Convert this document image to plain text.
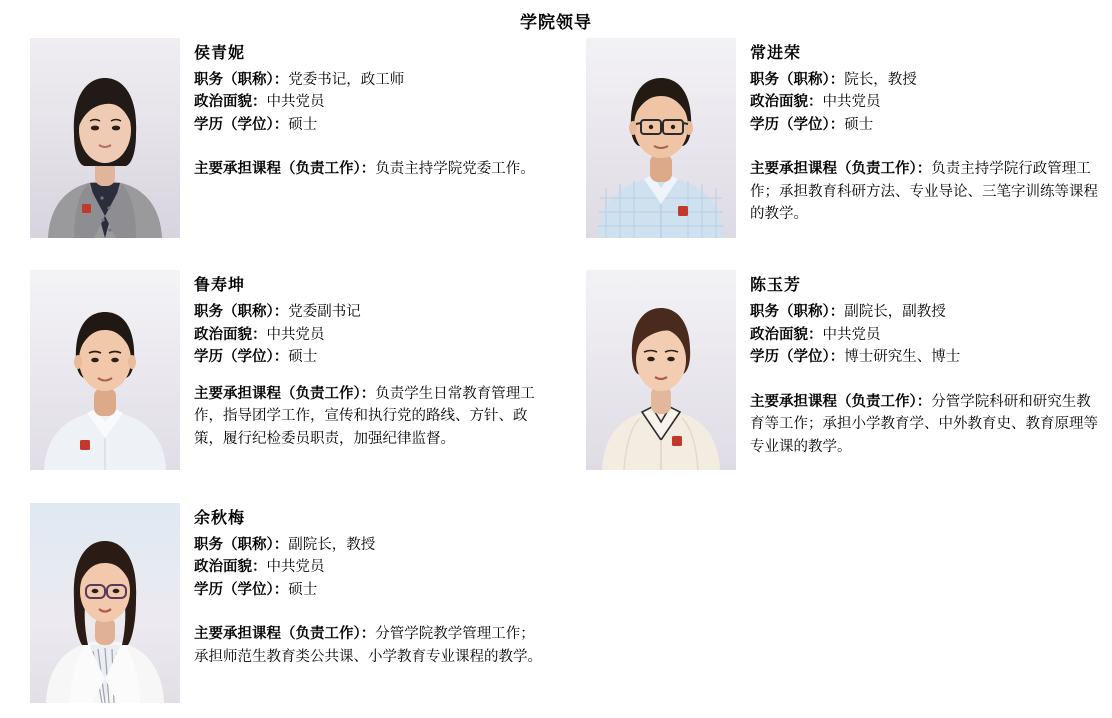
学院领导
侯青妮

职务（职称）：党委书记，政工师

政治面貌：中共党员

学历（学位）：硕士

主要承担课程（负责工作）：负责主持学院党委工作。

常进荣

职务（职称）：院长，教授

政治面貌：中共党员

学历（学位）：硕士

主要承担课程（负责工作）：负责主持学院行政管理工作；承担教育科研方法、专业导论、三笔字训练等课程的教学。

鲁寿坤

职务（职称）：党委副书记

政治面貌：中共党员

学历（学位）：硕士

主要承担课程（负责工作）：负责学生日常教育管理工作，指导团学工作，宣传和执行党的路线、方针、政策，履行纪检委员职责，加强纪律监督。

陈玉芳

职务（职称）：副院长，副教授

政治面貌：中共党员

学历（学位）：博士研究生、博士

主要承担课程（负责工作）：分管学院科研和研究生教育等工作；承担小学教育学、中外教育史、教育原理等专业课的教学。

余秋梅

职务（职称）：副院长，教授

政治面貌：中共党员

学历（学位）：硕士

主要承担课程（负责工作）：分管学院教学管理工作；承担师范生教育类公共课、小学教育专业课程的教学。
